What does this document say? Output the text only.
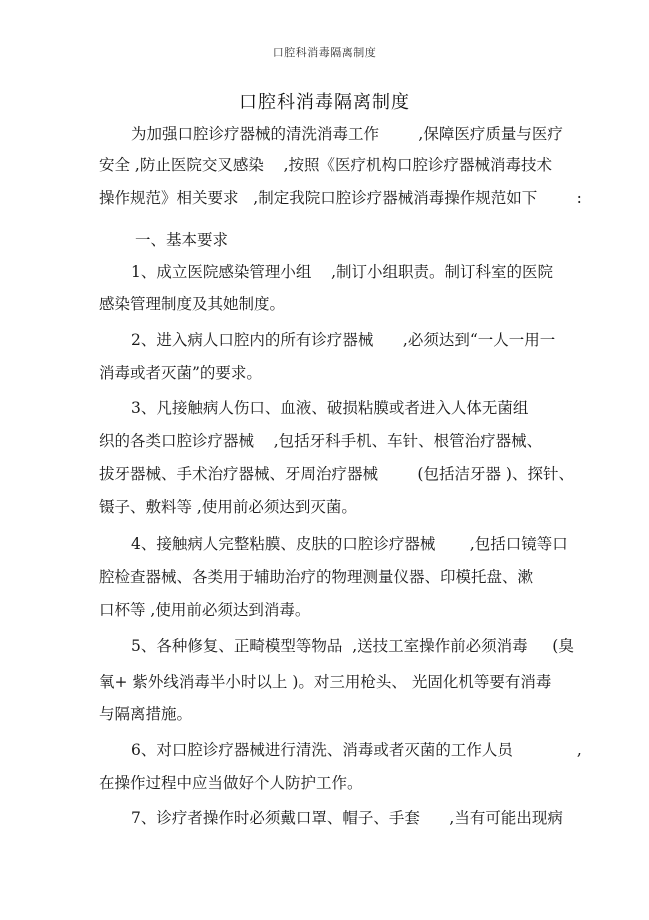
口腔科消毒隔离制度
口腔科消毒隔离制度
为加强口腔诊疗器械的清洗消毒工作        ,保障医疗质量与医疗
安全 ,防止医院交叉感染    ,按照《医疗机构口腔诊疗器械消毒技术
操作规范》相关要求   ,制定我院口腔诊疗器械消毒操作规范如下        :
一、基本要求
1、成立医院感染管理小组    ,制订小组职责。制订科室的医院
感染管理制度及其她制度。
2、进入病人口腔内的所有诊疗器械      ,必须达到“一人一用一
消毒或者灭菌”的要求。
3、凡接触病人伤口、血液、破损粘膜或者进入人体无菌组
织的各类口腔诊疗器械    ,包括牙科手机、车针、根管治疗器械、
拔牙器械、手术治疗器械、牙周治疗器械        (包括洁牙器 )、探针、
镊子、敷料等 ,使用前必须达到灭菌。
4、接触病人完整粘膜、皮肤的口腔诊疗器械       ,包括口镜等口
腔检查器械、各类用于辅助治疗的物理测量仪器、印模托盘、漱
口杯等 ,使用前必须达到消毒。
5、各种修复、正畸模型等物品  ,送技工室操作前必须消毒     (臭
氧+ 紫外线消毒半小时以上 )。对三用枪头、 光固化机等要有消毒
与隔离措施。
6、对口腔诊疗器械进行清洗、消毒或者灭菌的工作人员             ,
在操作过程中应当做好个人防护工作。
7、诊疗者操作时必须戴口罩、帽子、手套      ,当有可能出现病
